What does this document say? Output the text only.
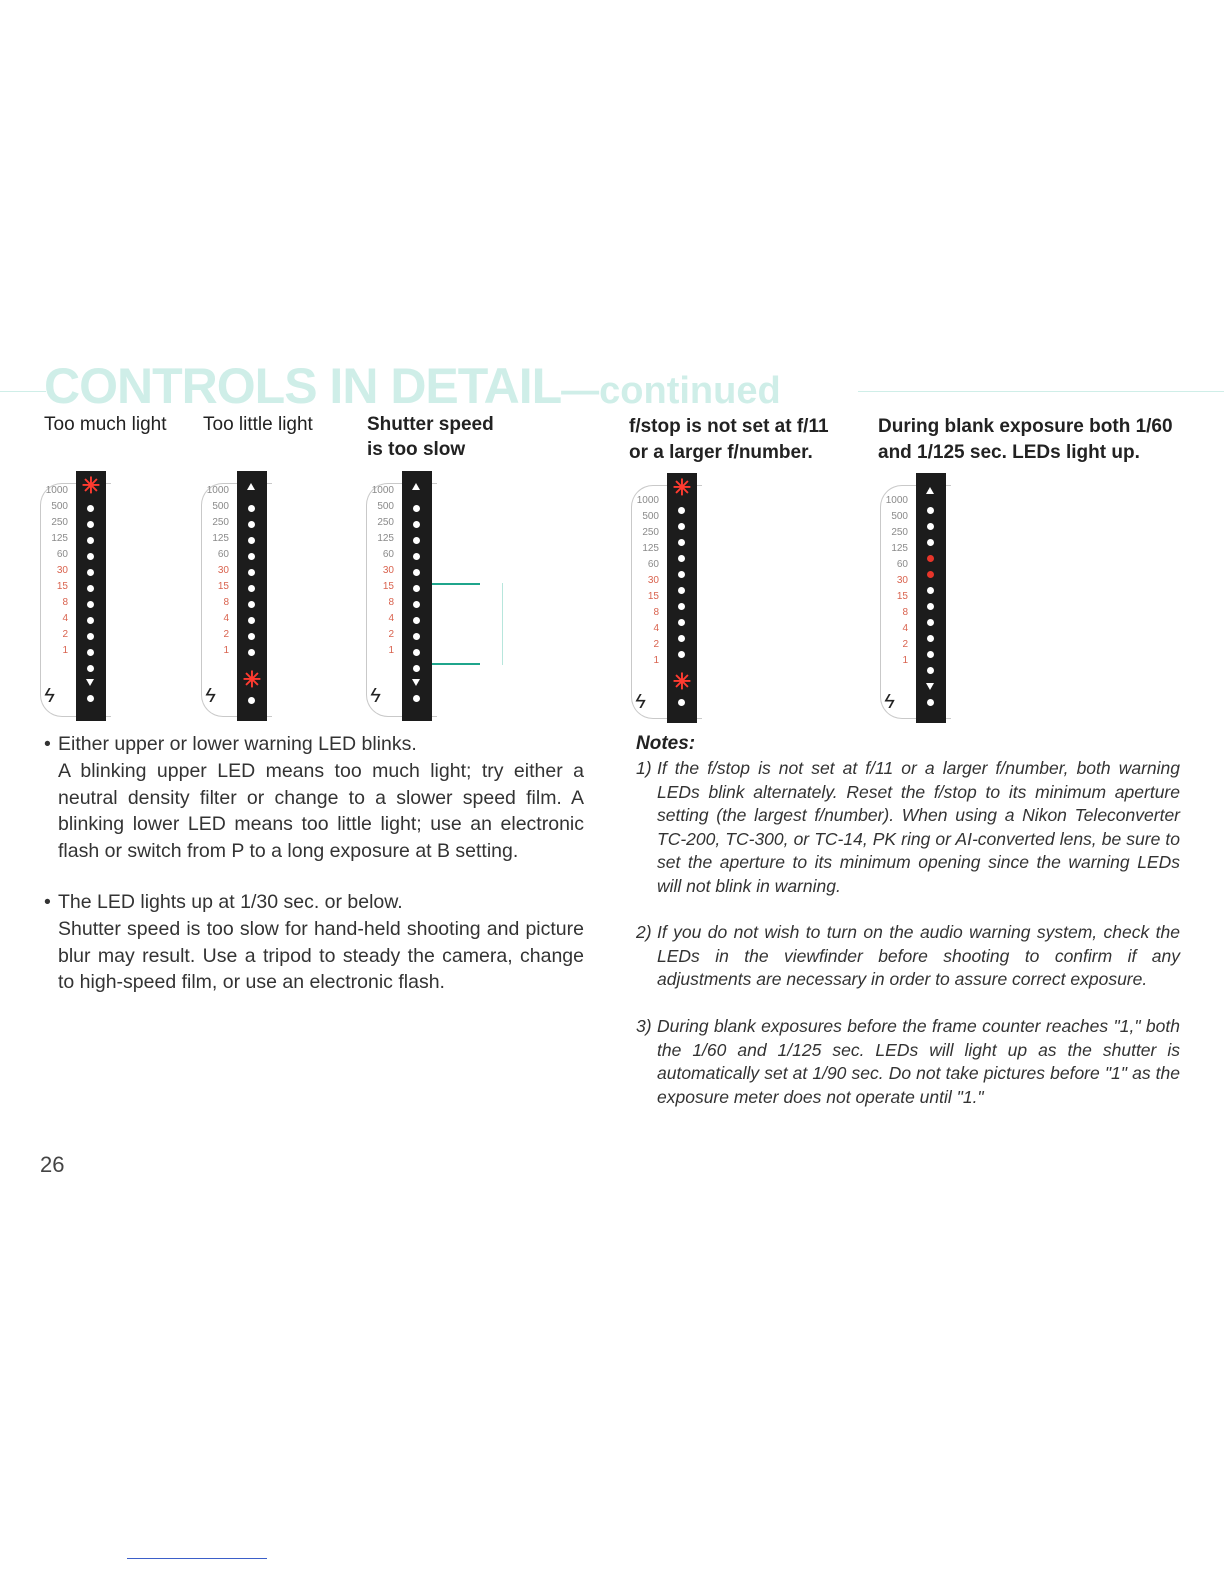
CONTROLS IN DETAIL—continued
Too much light Too little light	Shutter speed
is too slow
f/stop is not set at f/11
or a larger f/number.
During blank exposure both 1/60
and 1/125 sec. LEDs light up.
1000
500
250
125
60
30
15
8
4
2
1
ϟ
✳	1000
500
250
125
60
30
15
8
4
2
1
ϟ
✳
1000
500
250
125
60
30
15
8
4
2
1
ϟ
1000
500
250
125
60
30
15
8
4
2
1
ϟ
✳
✳
1000
500
250
125
60
30
15
8
4
2
1
ϟ
• Either upper or lower warning LED blinks.
A blinking upper LED means too much light; try either a neutral density filter or change to a slower speed film. A blinking lower LED means too little light; use an electronic flash or switch from P to a long exposure at B setting.
• The LED lights up at 1/30 sec. or below.
Shutter speed is too slow for hand-held shooting and picture blur may result. Use a tripod to steady the camera, change to high-speed film, or use an electronic flash.
Notes:
1) If the f/stop is not set at f/11 or a larger f/number, both warning LEDs blink alternately. Reset the f/stop to its minimum aperture setting (the largest f/number). When using a Nikon Teleconverter TC-200, TC-300, or TC-14, PK ring or AI-converted lens, be sure to set the aperture to its minimum opening since the warning LEDs will not blink in warning.
2) If you do not wish to turn on the audio warning system, check the LEDs in the viewfinder before shooting to confirm if any adjustments are necessary in order to assure correct exposure.
3) During blank exposures before the frame counter reaches "1," both the 1/60 and 1/125 sec. LEDs will light up as the shutter is automatically set at 1/90 sec. Do not take pictures before "1" as the exposure meter does not operate until "1."
26
